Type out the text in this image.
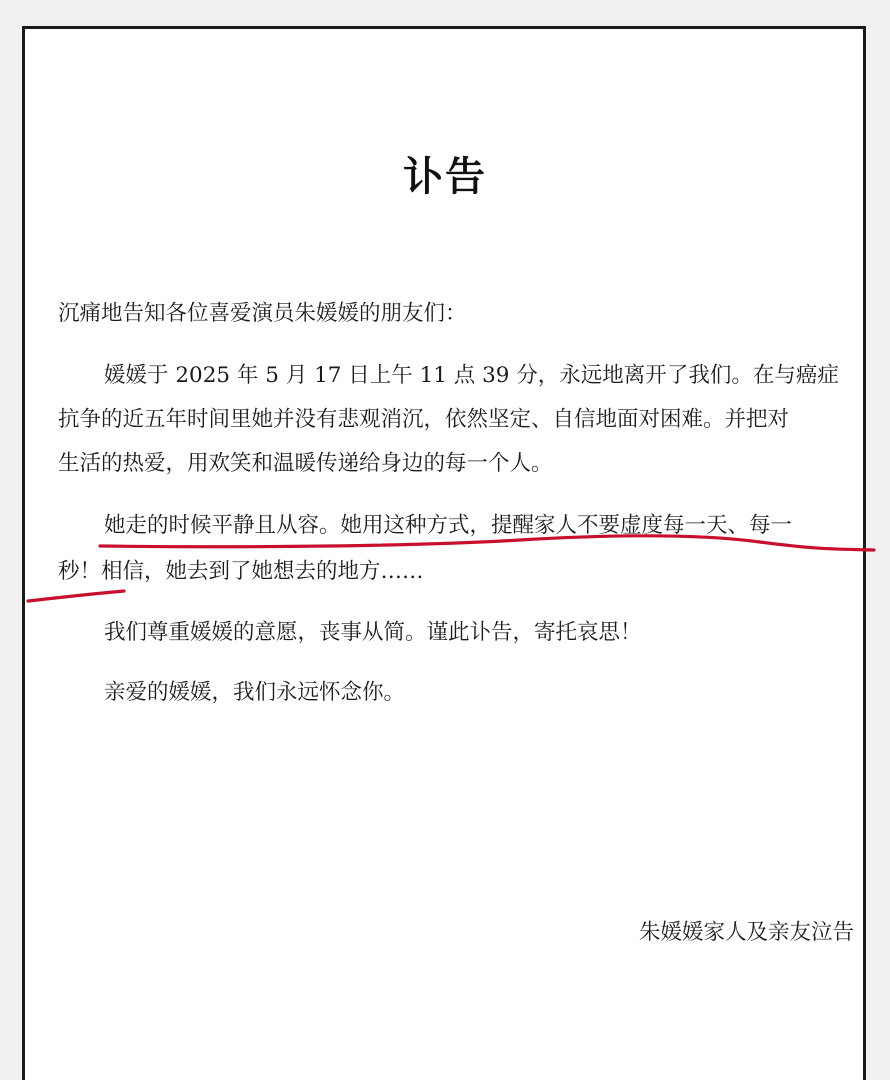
讣告
沉痛地告知各位喜爱演员朱媛媛的朋友们：
媛媛于 2025 年 5 月 17 日上午 11 点 39 分，永远地离开了我们。在与癌症
抗争的近五年时间里她并没有悲观消沉，依然坚定、自信地面对困难。并把对
生活的热爱，用欢笑和温暖传递给身边的每一个人。
她走的时候平静且从容。她用这种方式，提醒家人不要虚度每一天、每一
秒！相信，她去到了她想去的地方……
我们尊重媛媛的意愿，丧事从简。谨此讣告，寄托哀思！
亲爱的媛媛，我们永远怀念你。
朱媛媛家人及亲友泣告
